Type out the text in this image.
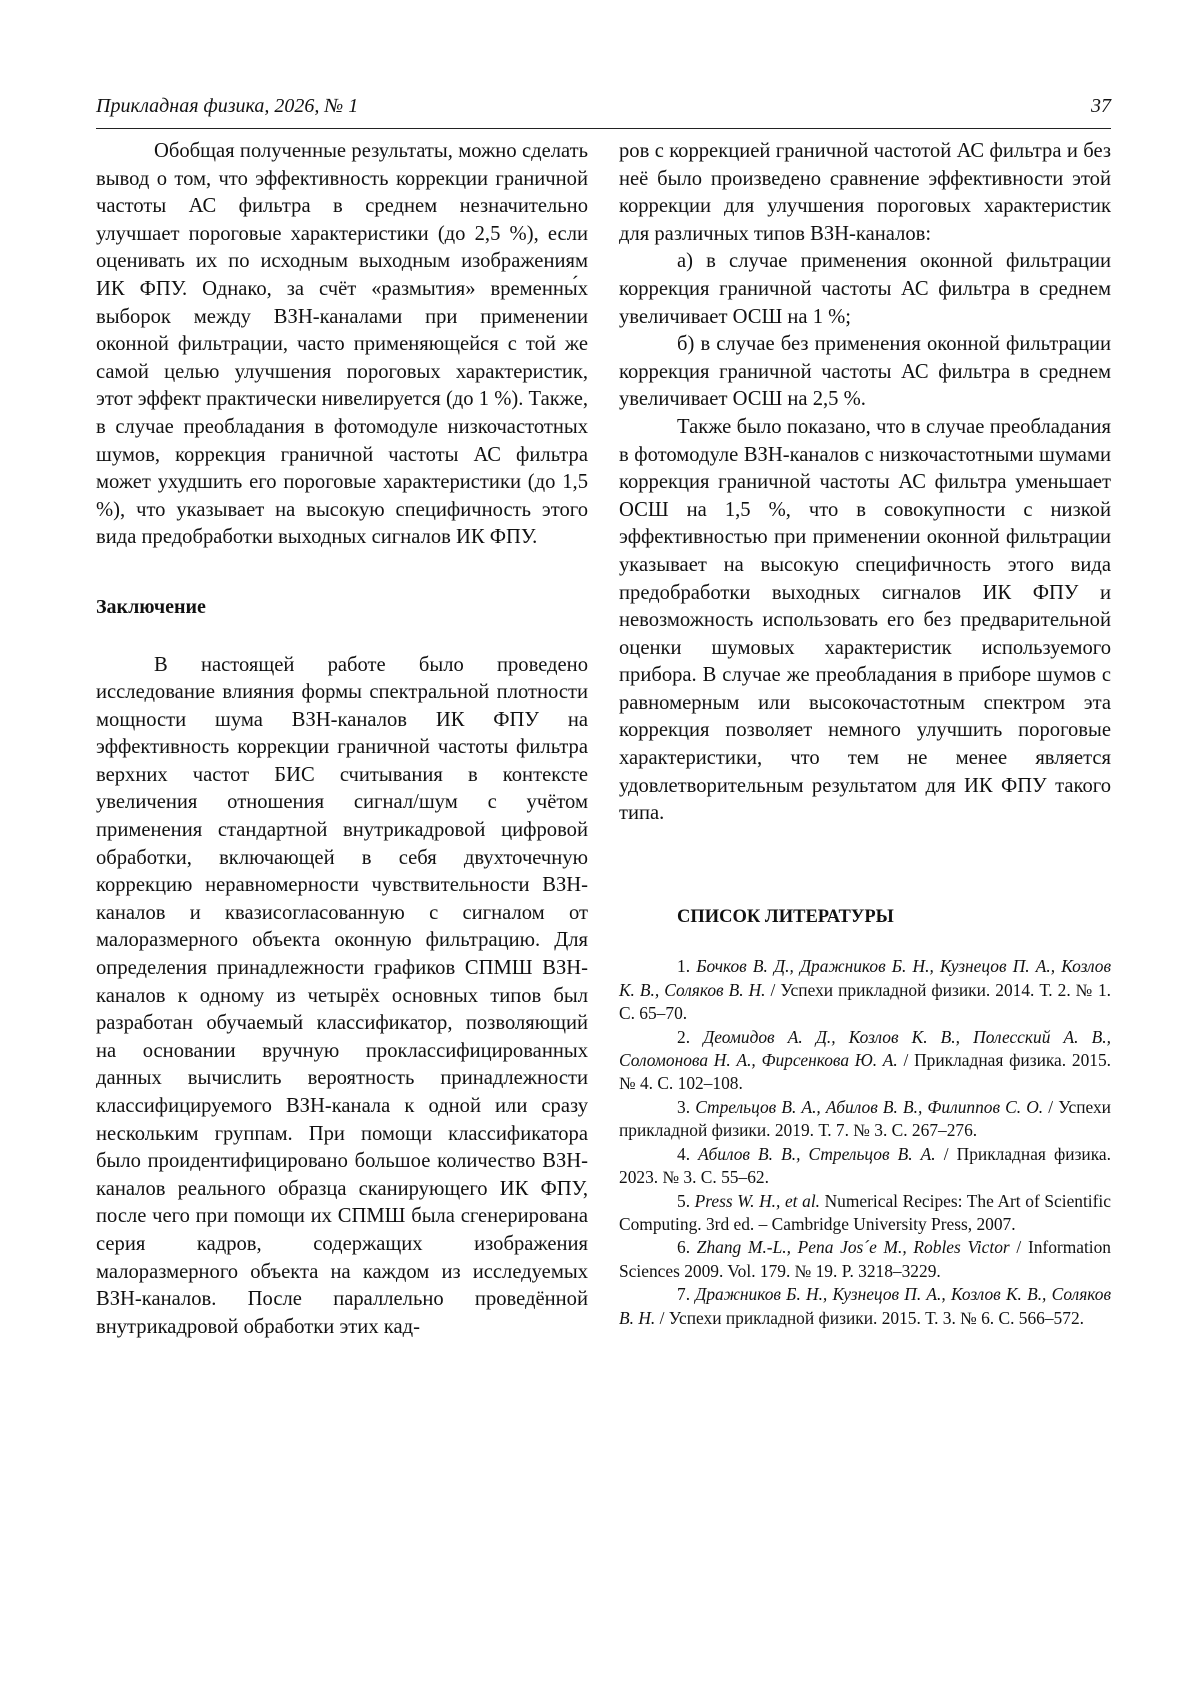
Прикладная физика, 2026, № 1	37

Обобщая полученные результаты, можно сделать вывод о том, что эффективность коррекции граничной частоты АС фильтра в среднем незначительно улучшает пороговые характеристики (до 2,5 %), если оценивать их по исходным выходным изображениям ИК ФПУ. Однако, за счёт «размытия» временны́х выборок между ВЗН-каналами при применении оконной фильтрации, часто применяющейся с той же самой целью улучшения пороговых характеристик, этот эффект практически нивелируется (до 1 %). Также, в случае преобладания в фотомодуле низкочастотных шумов, коррекция граничной частоты АС фильтра может ухудшить его пороговые характеристики (до 1,5 %), что указывает на высокую специфичность этого вида предобработки выходных сигналов ИК ФПУ.

Заключение

В настоящей работе было проведено исследование влияния формы спектральной плотности мощности шума ВЗН-каналов ИК ФПУ на эффективность коррекции граничной частоты фильтра верхних частот БИС считывания в контексте увеличения отношения сигнал/шум с учётом применения стандартной внутрикадровой цифровой обработки, включающей в себя двухточечную коррекцию неравномерности чувствительности ВЗН-каналов и квазисогласованную с сигналом от малоразмерного объекта оконную фильтрацию. Для определения принадлежности графиков СПМШ ВЗН-каналов к одному из четырёх основных типов был разработан обучаемый классификатор, позволяющий на основании вручную проклассифицированных данных вычислить вероятность принадлежности классифицируемого ВЗН-канала к одной или сразу нескольким группам. При помощи классификатора было проидентифицировано большое количество ВЗН-каналов реального образца сканирующего ИК ФПУ, после чего при помощи их СПМШ была сгенерирована серия кадров, содержащих изображения малоразмерного объекта на каждом из исследуемых ВЗН-каналов. После параллельно проведённой внутрикадровой обработки этих кад-

ров с коррекцией граничной частотой АС фильтра и без неё было произведено сравнение эффективности этой коррекции для улучшения пороговых характеристик для различных типов ВЗН-каналов:

а) в случае применения оконной фильтрации коррекция граничной частоты АС фильтра в среднем увеличивает ОСШ на 1 %;

б) в случае без применения оконной фильтрации коррекция граничной частоты АС фильтра в среднем увеличивает ОСШ на 2,5 %.

Также было показано, что в случае преобладания в фотомодуле ВЗН-каналов с низкочастотными шумами коррекция граничной частоты АС фильтра уменьшает ОСШ на 1,5 %, что в совокупности с низкой эффективностью при применении оконной фильтрации указывает на высокую специфичность этого вида предобработки выходных сигналов ИК ФПУ и невозможность использовать его без предварительной оценки шумовых характеристик используемого прибора. В случае же преобладания в приборе шумов с равномерным или высокочастотным спектром эта коррекция позволяет немного улучшить пороговые характеристики, что тем не менее является удовлетворительным результатом для ИК ФПУ такого типа.

СПИСОК ЛИТЕРАТУРЫ

1. Бочков В. Д., Дражников Б. Н., Кузнецов П. А., Козлов К. В., Соляков В. Н. / Успехи прикладной физики. 2014. Т. 2. № 1. С. 65–70.

2. Деомидов А. Д., Козлов К. В., Полесский А. В., Соломонова Н. А., Фирсенкова Ю. А. / Прикладная физика. 2015. № 4. С. 102–108.

3. Стрельцов В. А., Абилов В. В., Филиппов С. О. / Успехи прикладной физики. 2019. Т. 7. № 3. С. 267–276.

4. Абилов В. В., Стрельцов В. А. / Прикладная физика. 2023. № 3. С. 55–62.

5. Press W. H., et al. Numerical Recipes: The Art of Scientific Computing. 3rd ed. – Cambridge University Press, 2007.

6. Zhang M.-L., Pena Jos´e M., Robles Victor / Information Sciences 2009. Vol. 179. № 19. P. 3218–3229.

7. Дражников Б. Н., Кузнецов П. А., Козлов К. В., Соляков В. Н. / Успехи прикладной физики. 2015. Т. 3. № 6. С. 566–572.
